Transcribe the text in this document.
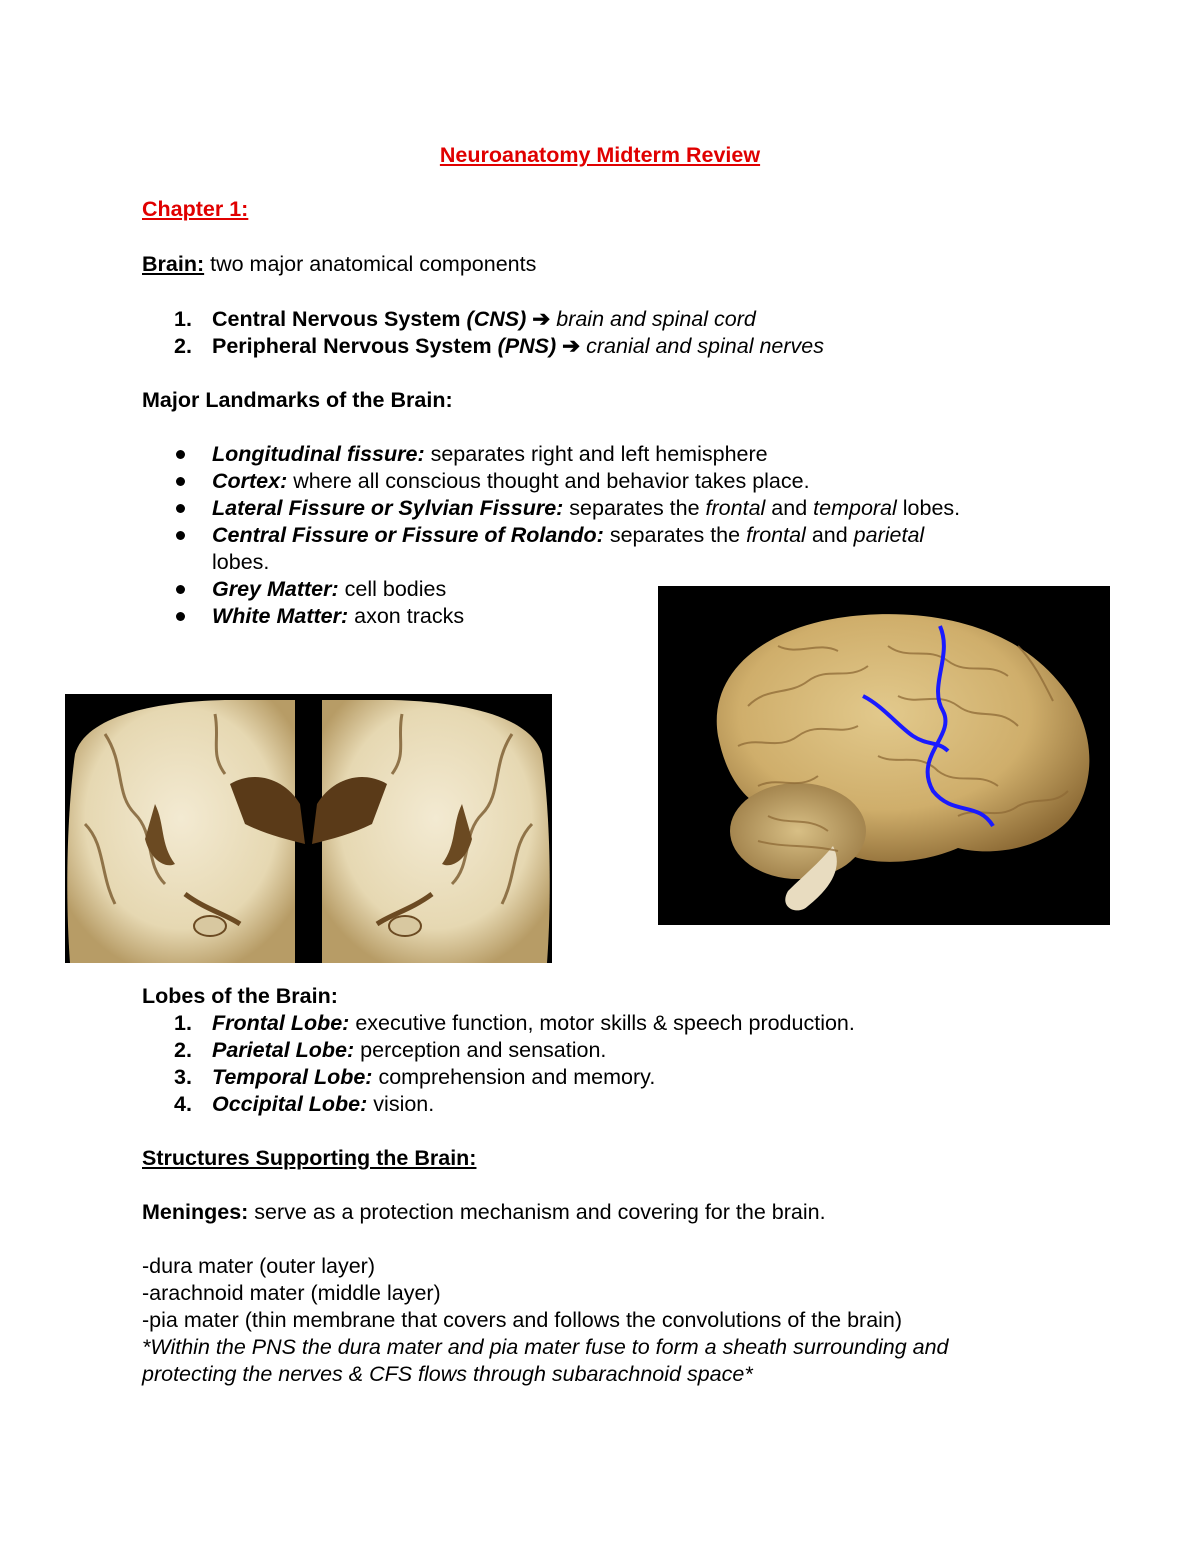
Neuroanatomy Midterm Review
Chapter 1:
Brain: two major anatomical components
1. Central Nervous System (CNS) ➔ brain and spinal cord
2. Peripheral Nervous System (PNS) ➔ cranial and spinal nerves
Major Landmarks of the Brain:
Longitudinal fissure: separates right and left hemisphere
Cortex: where all conscious thought and behavior takes place.
Lateral Fissure or Sylvian Fissure: separates the frontal and temporal lobes.
Central Fissure or Fissure of Rolando: separates the frontal and parietal
lobes.
Grey Matter: cell bodies
White Matter: axon tracks
Lobes of the Brain:
1. Frontal Lobe: executive function, motor skills & speech production.
2. Parietal Lobe: perception and sensation.
3. Temporal Lobe: comprehension and memory.
4. Occipital Lobe: vision.
Structures Supporting the Brain:
Meninges: serve as a protection mechanism and covering for the brain.
-dura mater (outer layer)
-arachnoid mater (middle layer)
-pia mater (thin membrane that covers and follows the convolutions of the brain)
*Within the PNS the dura mater and pia mater fuse to form a sheath surrounding and
protecting the nerves & CFS flows through subarachnoid space*
